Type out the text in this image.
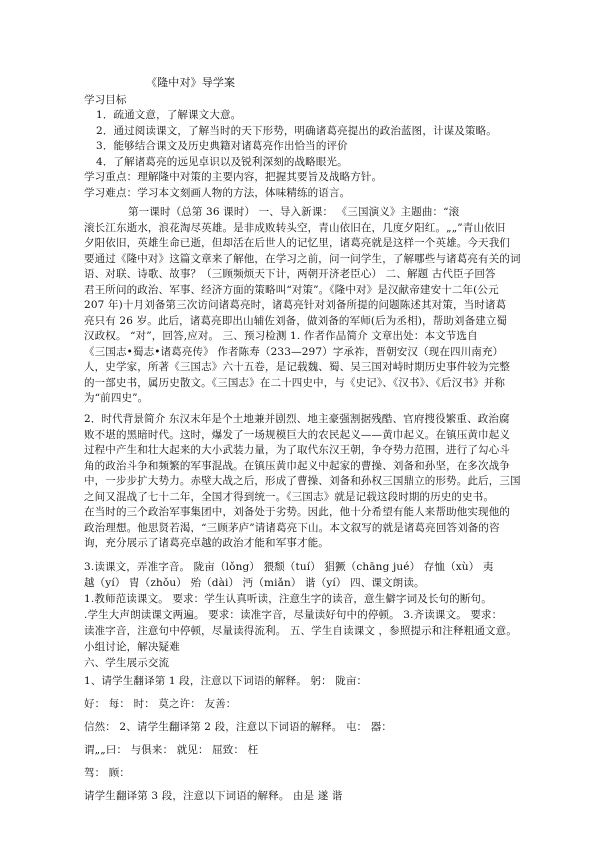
《隆中对》导学案
学习目标
1．疏通文意，了解课文大意。
2．通过阅读课文，了解当时的天下形势，明确诸葛亮提出的政治蓝图，计谋及策略。
3．能够结合课文及历史典籍对诸葛亮作出恰当的评价
4．了解诸葛亮的远见卓识以及锐利深刻的战略眼光。
学习重点：理解隆中对策的主要内容，把握其要旨及战略方针。
学习难点：学习本文刻画人物的方法，体味精练的语言。
第一课时（总第 36 课时） 一、导入新课： 《三国演义》主题曲：“滚
滚长江东逝水，浪花淘尽英雄。是非成败转头空，青山依旧在，几度夕阳红。„„”青山依旧
夕阳依旧，英雄生命已逝，但却活在后世人的记忆里，诸葛亮就是这样一个英雄。今天我们
要通过《隆中对》这篇文章来了解他，在学习之前，问一问学生，了解哪些与诸葛亮有关的词
语、对联、诗歌、故事？（三顾频烦天下计，两朝开济老臣心） 二、解题 古代臣子回答
君王所问的政治、军事、经济方面的策略叫“对策”。《隆中对》是汉献帝建安十二年(公元
207 年)十月刘备第三次访问诸葛亮时，诸葛亮针对刘备所提的问题陈述其对策，当时诸葛
亮只有 26 岁。此后，诸葛亮即出山辅佐刘备，做刘备的军师(后为丞相)，帮助刘备建立蜀
汉政权。 “对”，回答,应对。 三、预习检测 1. 作者作品简介 文章出处：本文节选自
《三国志•蜀志•诸葛亮传》 作者陈寿（233—297）字承祚，晋朝安汉（现在四川南充）
人，史学家，所著《三国志》六十五卷，是记载魏、蜀、吴三国对峙时期历史事件较为完整
的一部史书，属历史散文。《三国志》在二十四史中，与《史记》、《汉书》、《后汉书》并称
为“前四史”。
2．时代背景简介 东汉末年是个土地兼并剧烈、地主豪强割据残酷、官府搜役繁重、政治腐
败不堪的黑暗时代。这时，爆发了一场规模巨大的农民起义——黄巾起义。在镇压黄巾起义
过程中产生和壮大起来的大小武装力量，为了取代东汉王朝，争夺势力范围，进行了勾心斗
角的政治斗争和频繁的军事混战。在镇压黄巾起义中起家的曹操、刘备和孙坚，在多次战争
中，一步步扩大势力。赤壁大战之后，形成了曹操、刘备和孙权三国鼎立的形势。此后，三国
之间又混战了七十二年，全国才得到统一。《三国志》就是记载这段时期的历史的史书。
在当时的三个政治军事集团中，刘备处于劣势。因此，他十分希望有能人来帮助他实现他的
政治理想。他思贤若渴，“三顾茅庐”请诸葛亮下山。本文叙写的就是诸葛亮回答刘备的咨
询，充分展示了诸葛亮卓越的政治才能和军事才能。
3.读课文，弄准字音。 陇亩（lǒng） 猥颓（tuí） 猖獗（chāng jué） 存恤（xù） 夷
越（yí） 胄（zhǒu） 殆（dài） 沔（miǎn） 谐（yí） 四、课文朗读。
1.教师范读课文。 要求：学生认真听读，注意生字的读音，意生僻字词及长句的断句。
.学生大声朗读课文两遍。 要求：读准字音，尽量读好句中的停顿。 3.齐读课文。 要求：
读准字音，注意句中停顿，尽量读得流利。 五、学生自读课文 ，参照提示和注释粗通文意。
小组讨论，解决疑难
六、学生展示交流
1、请学生翻译第 1 段，注意以下词语的解释。 躬： 陇亩：
好： 每： 时： 莫之许： 友善：
信然： 2、请学生翻译第 2 段，注意以下词语的解释。 屯： 器：
谓„„曰： 与俱来： 就见： 屈致： 枉
驾： 顾：
请学生翻译第 3 段，注意以下词语的解释。 由是 遂 谐
